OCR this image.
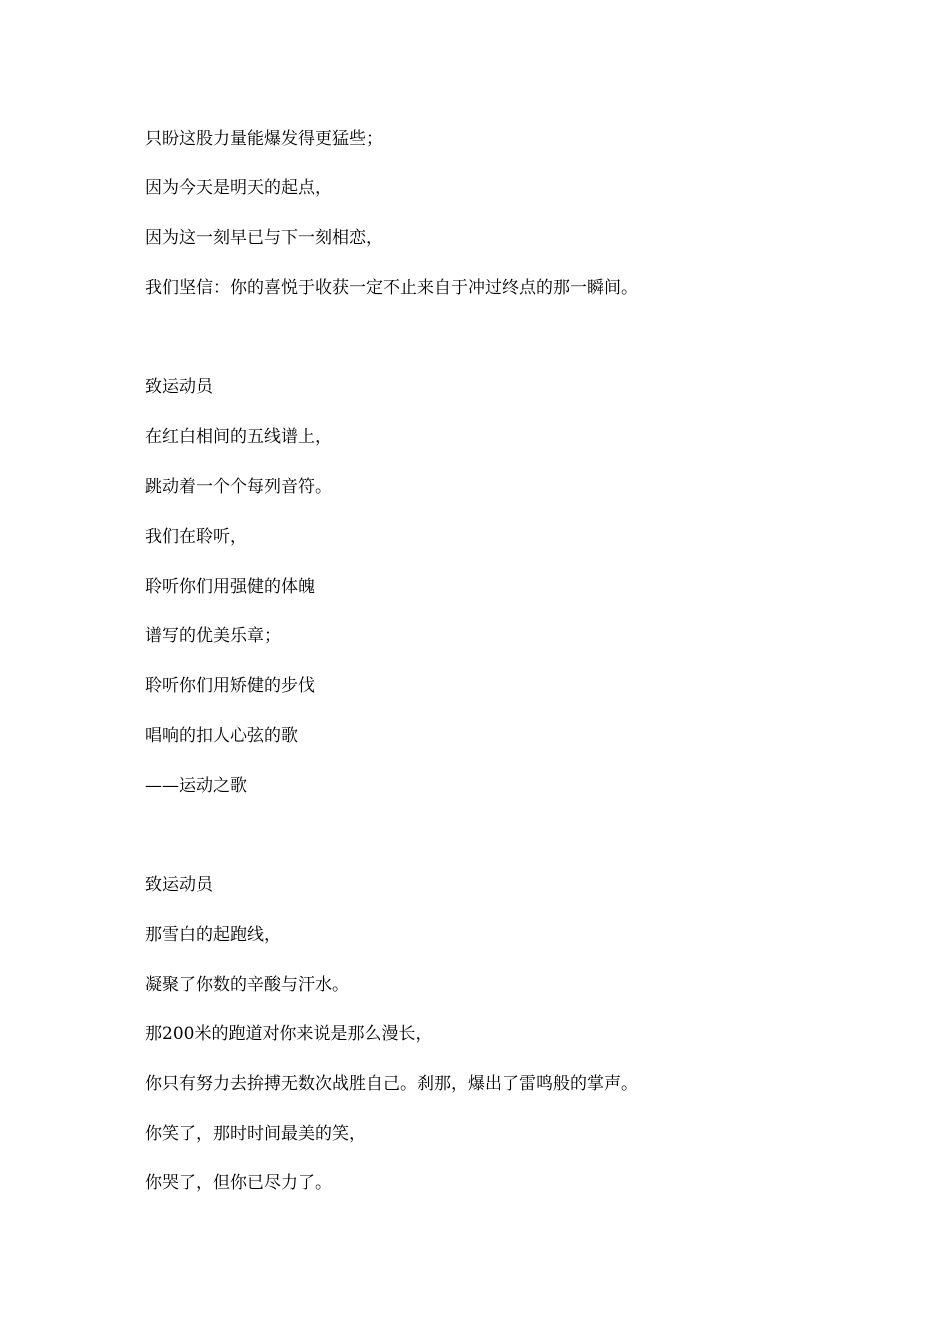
只盼这股力量能爆发得更猛些；

因为今天是明天的起点，

因为这一刻早已与下一刻相恋，

我们坚信：你的喜悦于收获一定不止来自于冲过终点的那一瞬间。

致运动员

在红白相间的五线谱上，

跳动着一个个每列音符。

我们在聆听，

聆听你们用强健的体魄

谱写的优美乐章；

聆听你们用矫健的步伐

唱响的扣人心弦的歌

——运动之歌

致运动员

那雪白的起跑线，

凝聚了你数的辛酸与汗水。

那200米的跑道对你来说是那么漫长，

你只有努力去拚搏无数次战胜自己。刹那，爆出了雷鸣般的掌声。

你笑了，那时时间最美的笑，

你哭了，但你已尽力了。
